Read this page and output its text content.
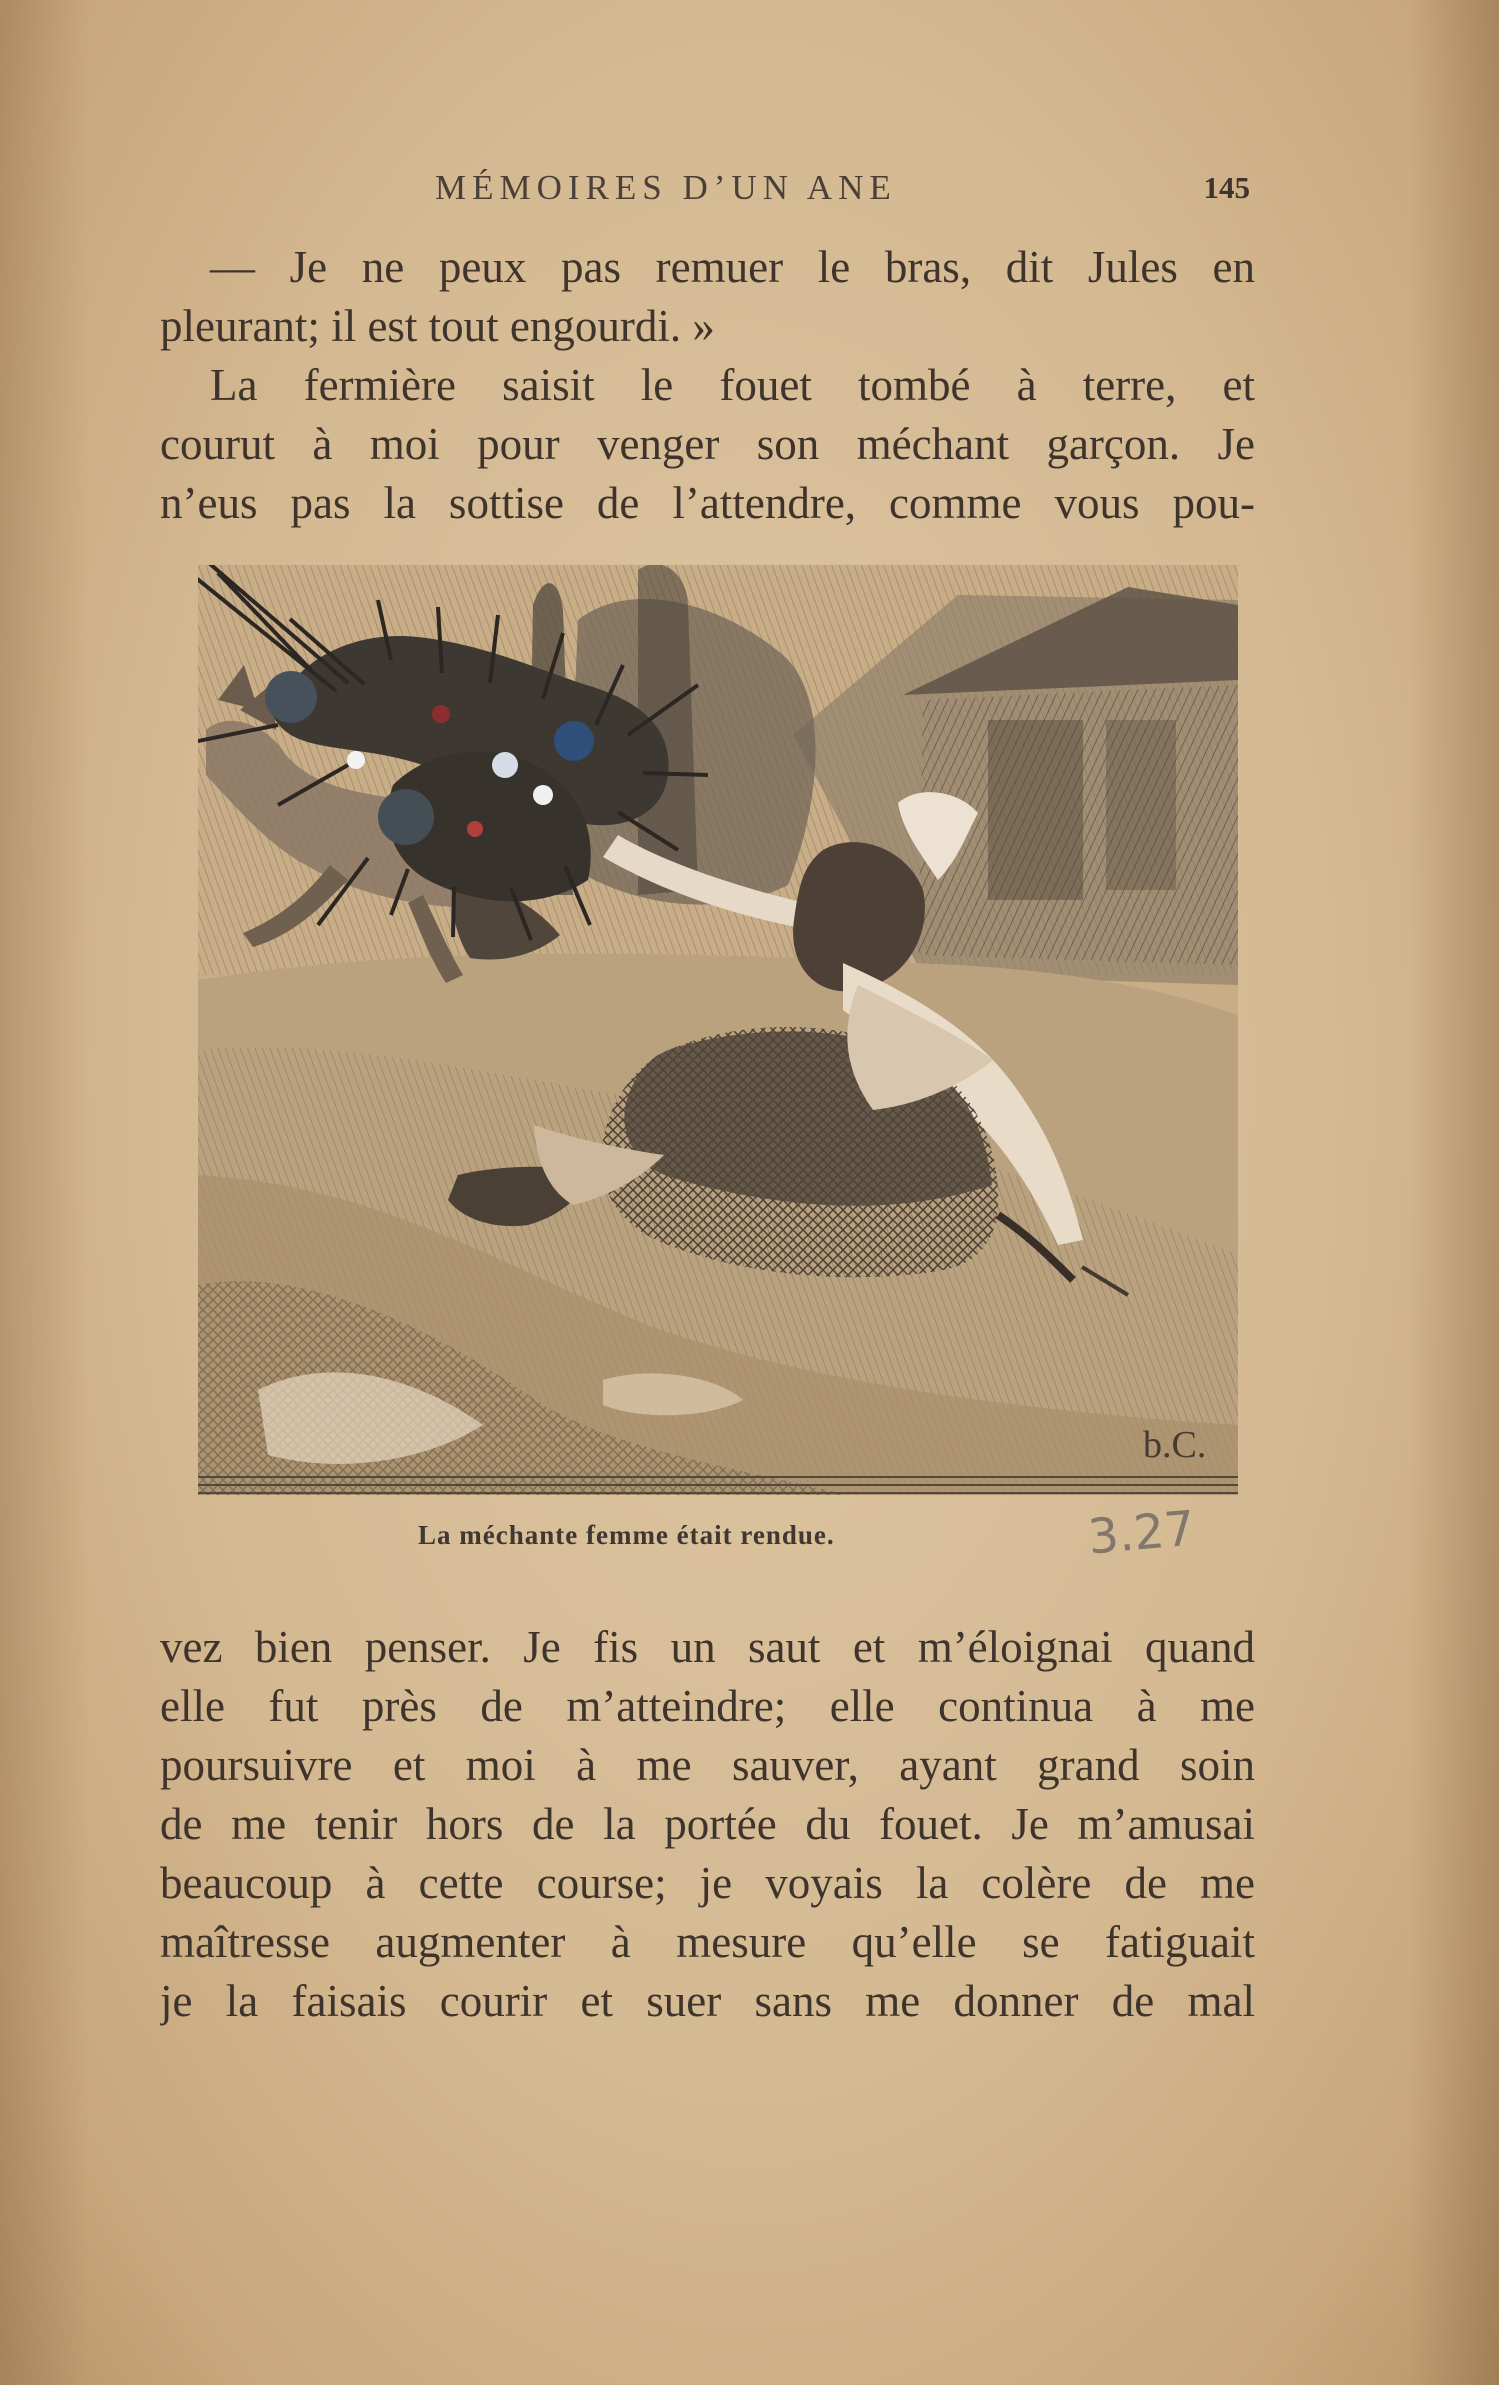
MÉMOIRES D’UN ANE	145
— Je ne peux pas remuer le bras, dit Jules en
pleurant; il est tout engourdi. »
La fermière saisit le fouet tombé à terre, et
courut à moi pour venger son méchant garçon. Je
n’eus pas la sottise de l’attendre, comme vous pou-
b.C.
La méchante femme était rendue.	3.27
vez bien penser. Je fis un saut et m’éloignai quand
elle fut près de m’atteindre; elle continua à me
poursuivre et moi à me sauver, ayant grand soin
de me tenir hors de la portée du fouet. Je m’amusai
beaucoup à cette course; je voyais la colère de me
maîtresse augmenter à mesure qu’elle se fatiguait
je la faisais courir et suer sans me donner de mal
